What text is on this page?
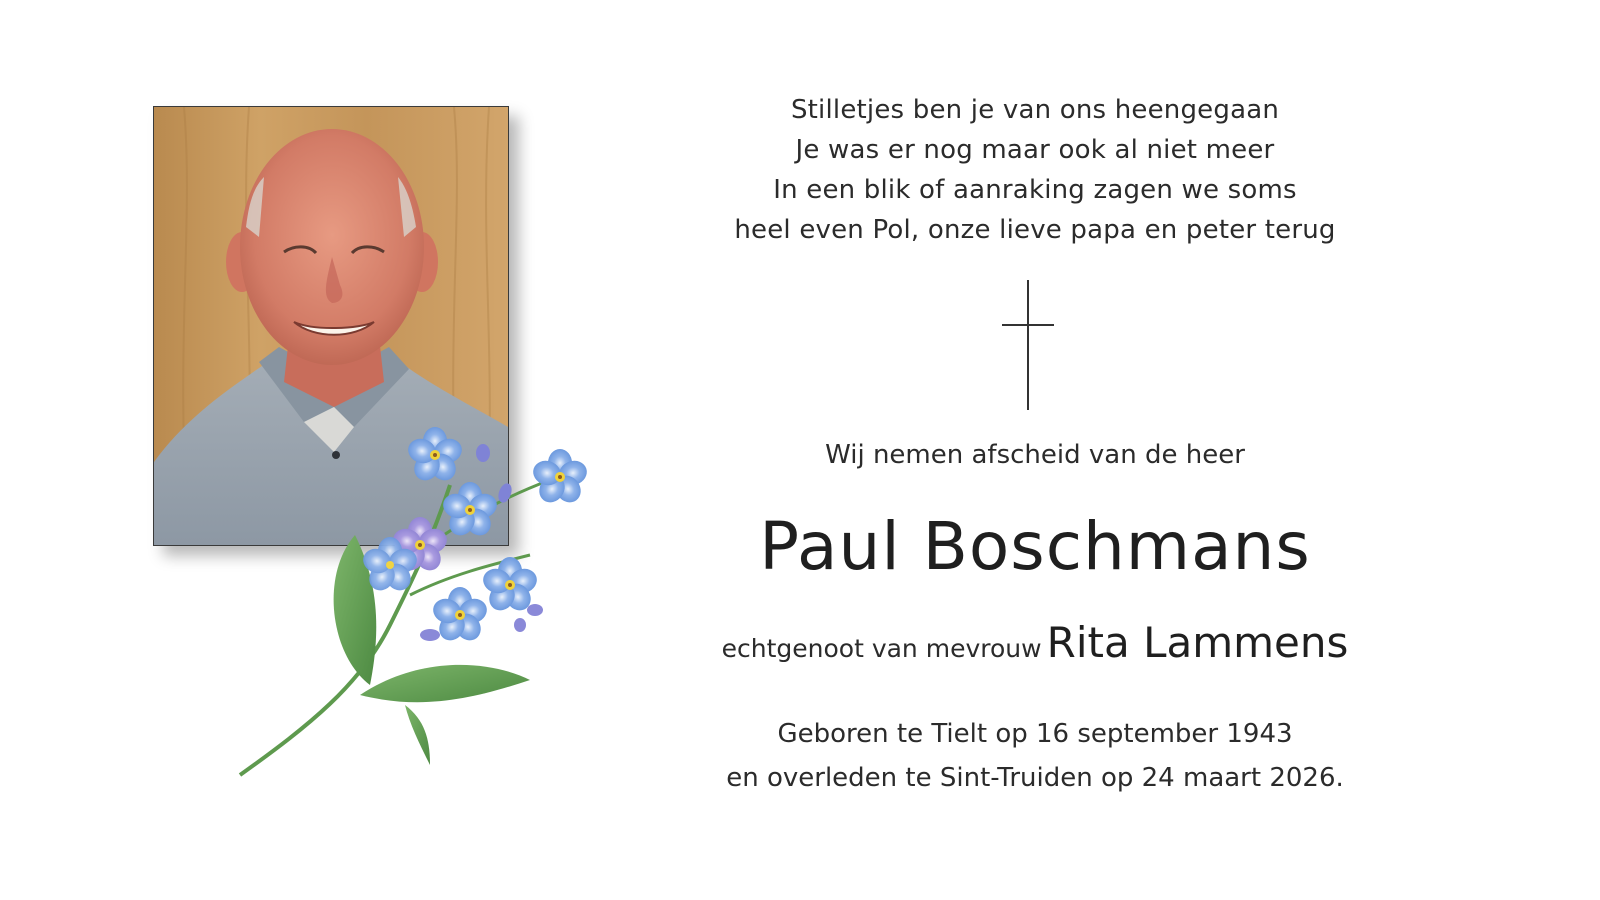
Stilletjes ben je van ons heengegaan
Je was er nog maar ook al niet meer
In een blik of aanraking zagen we soms
heel even Pol, onze lieve papa en peter terug
Wij nemen afscheid van de heer
Paul Boschmans
echtgenoot van mevrouw Rita Lammens
Geboren te Tielt op 16 september 1943
en overleden te Sint-Truiden op 24 maart 2026.
